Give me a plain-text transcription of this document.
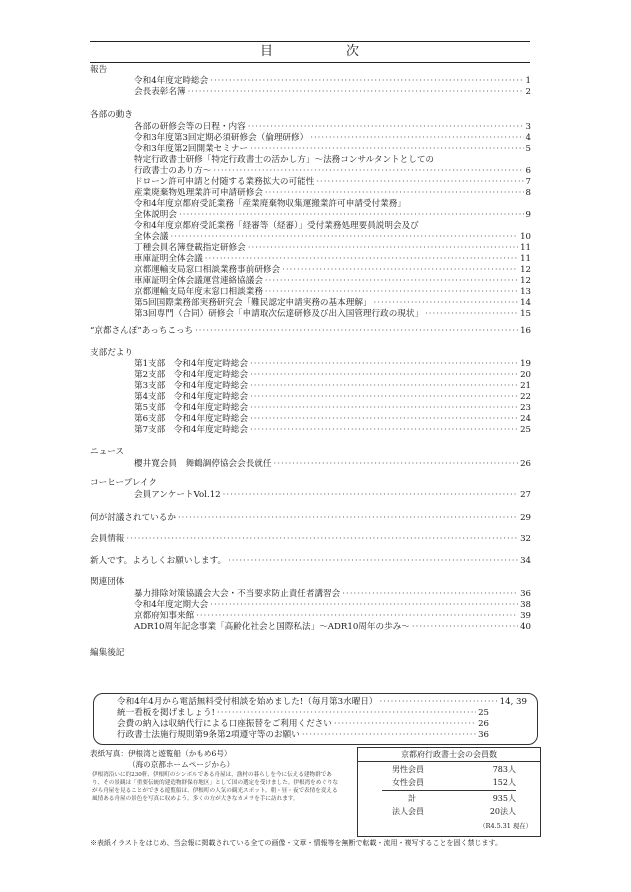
目	次
報告
令和4年度定時総会 ·····	1
会長表彰名簿 ·····	2
各部の動き
各部の研修会等の日程・内容 ·····	3
令和3年度第3回定期必須研修会（倫理研修） ·····	4
令和3年度第2回開業セミナー ·····	5
特定行政書士研修「特定行政書士の活かし方」～法務コンサルタントとしての
行政書士のあり方～ ·····	6
ドローン許可申請と付随する業務拡大の可能性 ·····	7
産業廃棄物処理業許可申請研修会 ·····	8
令和4年度京都府受託業務「産業廃棄物収集運搬業許可申請受付業務」
全体説明会 ·····	9
令和4年度京都府受託業務「経審等（経審）」受付業務処理要員説明会及び
全体会議 ·····	10
丁種会員名簿登載指定研修会 ·····	11
車庫証明全体会議 ·····	11
京都運輸支局窓口相談業務事前研修会 ·····	12
車庫証明全体会議運営連絡協議会 ·····	12
京都運輸支局年度末窓口相談業務 ·····	13
第5回国際業務部実務研究会「難民認定申請実務の基本理解」 ·····	14
第3回専門（合同）研修会「申請取次伝達研修及び出入国管理行政の現状」 ·····	15
“京都さんぽ”あっちこっち ·····	16
支部だより
第1支部　令和4年度定時総会 ·····	19
第2支部　令和4年度定時総会 ·····	20
第3支部　令和4年度定時総会 ·····	21
第4支部　令和4年度定時総会 ·····	22
第5支部　令和4年度定時総会 ·····	23
第6支部　令和4年度定時総会 ·····	24
第7支部　令和4年度定時総会 ·····	25
ニュース
櫻井寛会員　舞鶴調停協会会長就任 ·····	26
コーヒーブレイク
会員アンケートVol.12 ·····	27
何が討議されているか ·····	29
会員情報 ·····	32
新人です。よろしくお願いします。 ·····	34
関連団体
暴力排除対策協議会大会・不当要求防止責任者講習会 ·····	36
令和4年度定期大会 ·····	38
京都府知事来館 ·····	39
ADR10周年記念事業「高齢化社会と国際私法」～ADR10周年の歩み～ ·····	40
編集後記
令和4年4月から電話無料受付相談を始めました!（毎月第3水曜日） ·····	14, 39
統一看板を掲げましょう! ·····	25
会費の納入は収納代行による口座振替をご利用ください ·····	26
行政書士法施行規則第9条第2項遵守等のお願い ·····	36
表紙写真：伊根湾と遊覧船（かもめ6号）
（海の京都ホームページから）
伊根湾沿いに約230軒、伊根町のシンボルである舟屋は、漁村の暮らしを今に伝える建物群であり、その景観は「重要伝統的建造物群保存地区」として国の選定を受けました。伊根湾をめぐりながら舟屋を見ることができる遊覧船は、伊根町の人気の観光スポット。朝・昼・夜で表情を変える風情ある舟屋の景色を写真に収めよう。多くの方が大きなカメラを手に訪れます。
京都府行政書士会の会員数
男性会員	783人
女性会員	152人
計	935人
法人会員	20法人
（R4.5.31 現在）
※表紙イラストをはじめ、当会報に掲載されている全ての画像・文章・情報等を無断で転載・流用・複写することを固く禁じます。
